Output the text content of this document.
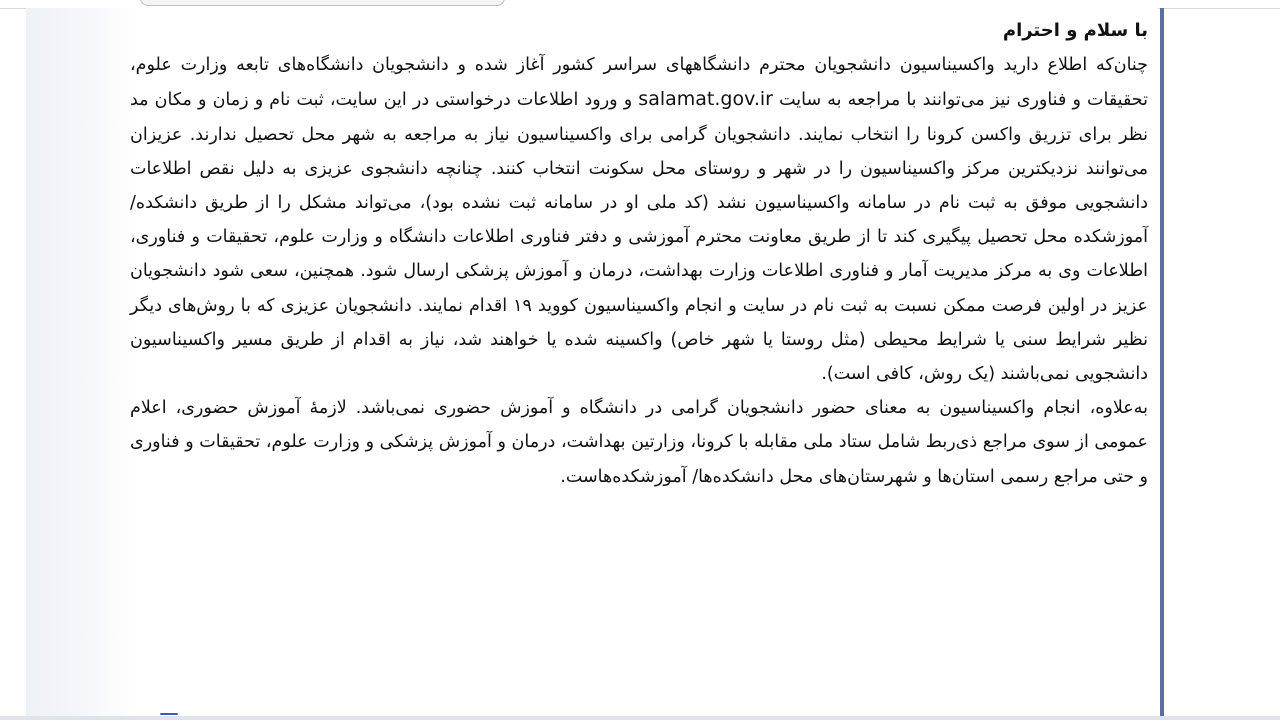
با سلام و احترام

چنان‌که اطلاع دارید واکسیناسیون دانشجویان محترم دانشگاههای سراسر کشور آغاز شده و دانشجویان دانشگاه‌های تابعه وزارت علوم، تحقیقات و فناوری نیز می‌توانند با مراجعه به سایت salamat.gov.ir و ورود اطلاعات درخواستی در این سایت، ثبت نام و زمان و مکان مد نظر برای تزریق واکسن کرونا را انتخاب نمایند. دانشجویان گرامی برای واکسیناسیون نیاز به مراجعه به شهر محل تحصیل ندارند. عزیزان می‌توانند نزدیکترین مرکز واکسیناسیون را در شهر و روستای محل سکونت انتخاب کنند. چنانچه دانشجوی عزیزی به دلیل نقص اطلاعات دانشجویی موفق به ثبت نام در سامانه واکسیناسیون نشد (کد ملی او در سامانه ثبت نشده بود)، می‌تواند مشکل را از طریق دانشکده/ آموزشکده محل تحصیل پیگیری کند تا از طریق معاونت محترم آموزشی و دفتر فناوری اطلاعات دانشگاه و وزارت علوم، تحقیقات و فناوری، اطلاعات وی به مرکز مدیریت آمار و فناوری اطلاعات وزارت بهداشت، درمان و آموزش پزشکی ارسال شود. همچنین، سعی شود دانشجویان عزیز در اولین فرصت ممکن نسبت به ثبت نام در سایت و انجام واکسیناسیون کووید ۱۹ اقدام نمایند. دانشجویان عزیزی که با روش‌های دیگر نظیر شرایط سنی یا شرایط محیطی (مثل روستا یا شهر خاص) واکسینه شده یا خواهند شد، نیاز به اقدام از طریق مسیر واکسیناسیون دانشجویی نمی‌باشند (یک روش، کافی است).

به‌علاوه، انجام واکسیناسیون به معنای حضور دانشجویان گرامی در دانشگاه و آموزش حضوری نمی‌باشد. لازمهٔ آموزش حضوری، اعلام عمومی از سوی مراجع ذی‌ربط شامل ستاد ملی مقابله با کرونا، وزارتین بهداشت، درمان و آموزش پزشکی و وزارت علوم، تحقیقات و فناوری و حتی مراجع رسمی استان‌ها و شهرستان‌های محل دانشکده‌ها/ آموزشکده‌هاست.
